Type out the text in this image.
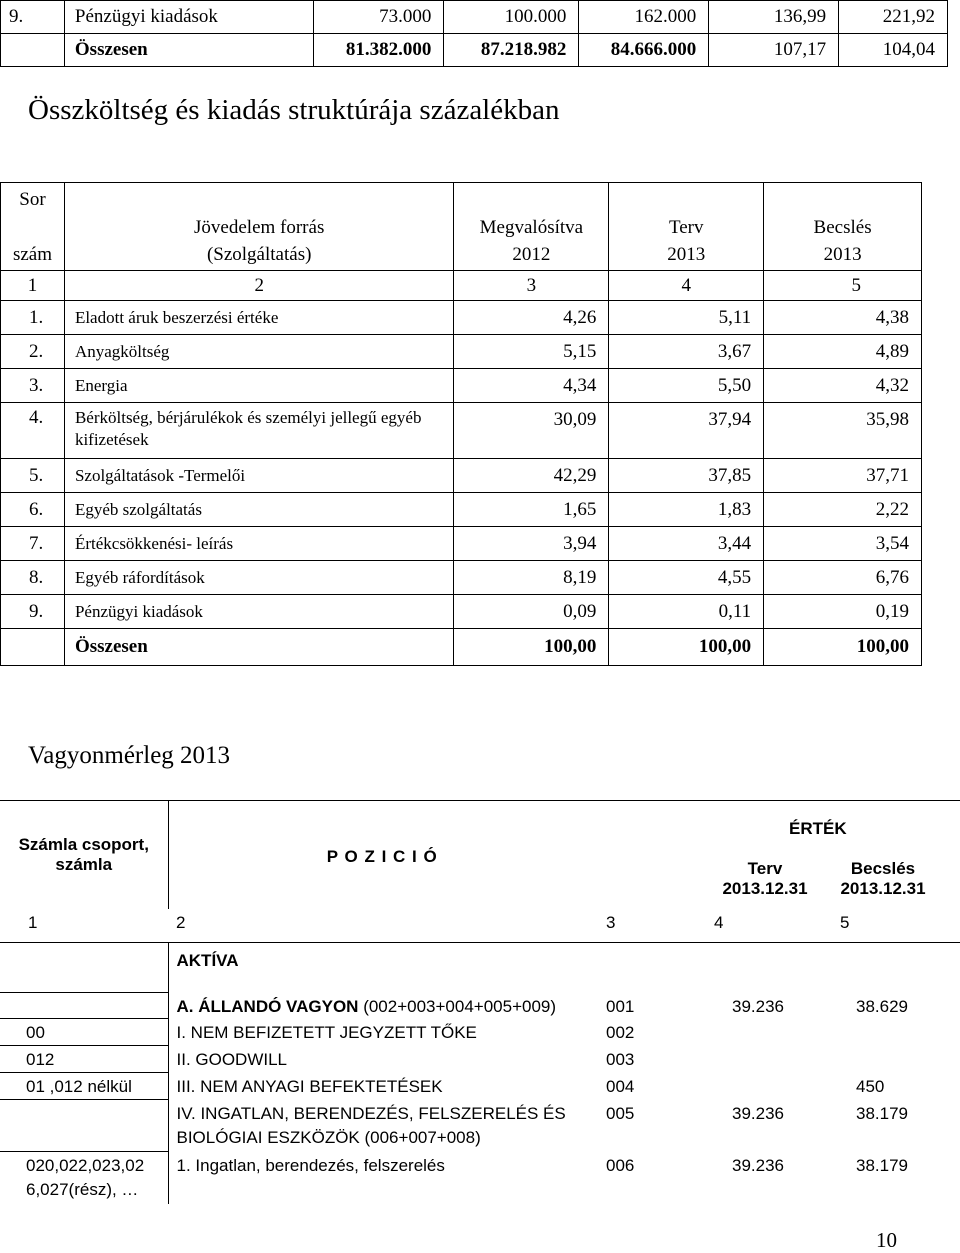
9.	Pénzügyi kiadások	73.000	100.000	162.000	136,99	221,92
	Összesen	81.382.000	87.218.982	84.666.000	107,17	104,04
Összköltség és kiadás struktúrája százalékban
Sor	Jövedelem forrás	Megvalósítva	Terv	Becslés
szám	(Szolgáltatás)	2012	2013	2013
1	2	3	4	5
1.	Eladott áruk beszerzési értéke	4,26	5,11	4,38
2.	Anyagköltség	5,15	3,67	4,89
3.	Energia	4,34	5,50	4,32
4.	Bérköltség, bérjárulékok és személyi jellegű egyéb kifizetések	30,09	37,94	35,98
5.	Szolgáltatások -Termelői	42,29	37,85	37,71
6.	Egyéb szolgáltatás	1,65	1,83	2,22
7.	Értékcsökkenési- leírás	3,94	3,44	3,54
8.	Egyéb ráfordítások	8,19	4,55	6,76
9.	Pénzügyi kiadások	0,09	0,11	0,19
	Összesen	100,00	100,00	100,00
Vagyonmérleg 2013
Számla csoport, számla	P O Z I C I Ó		ÉRTÉK
Terv 2013.12.31
Becslés 2013.12.31	

1	2	3	4	5
	AKTÍVA			
	A. ÁLLANDÓ VAGYON (002+003+004+005+009)	001	39.236	38.629
00	I. NEM BEFIZETETT JEGYZETT TŐKE	002		
012	II. GOODWILL	003		
01 ,012 nélkül	III. NEM ANYAGI BEFEKTETÉSEK	004		450
	IV. INGATLAN, BERENDEZÉS, FELSZERELÉS ÉS BIOLÓGIAI ESZKÖZÖK (006+007+008)	005	39.236	38.179
020,022,023,02 6,027(rész), …	1. Ingatlan, berendezés, felszerelés	006	39.236	38.179
10
